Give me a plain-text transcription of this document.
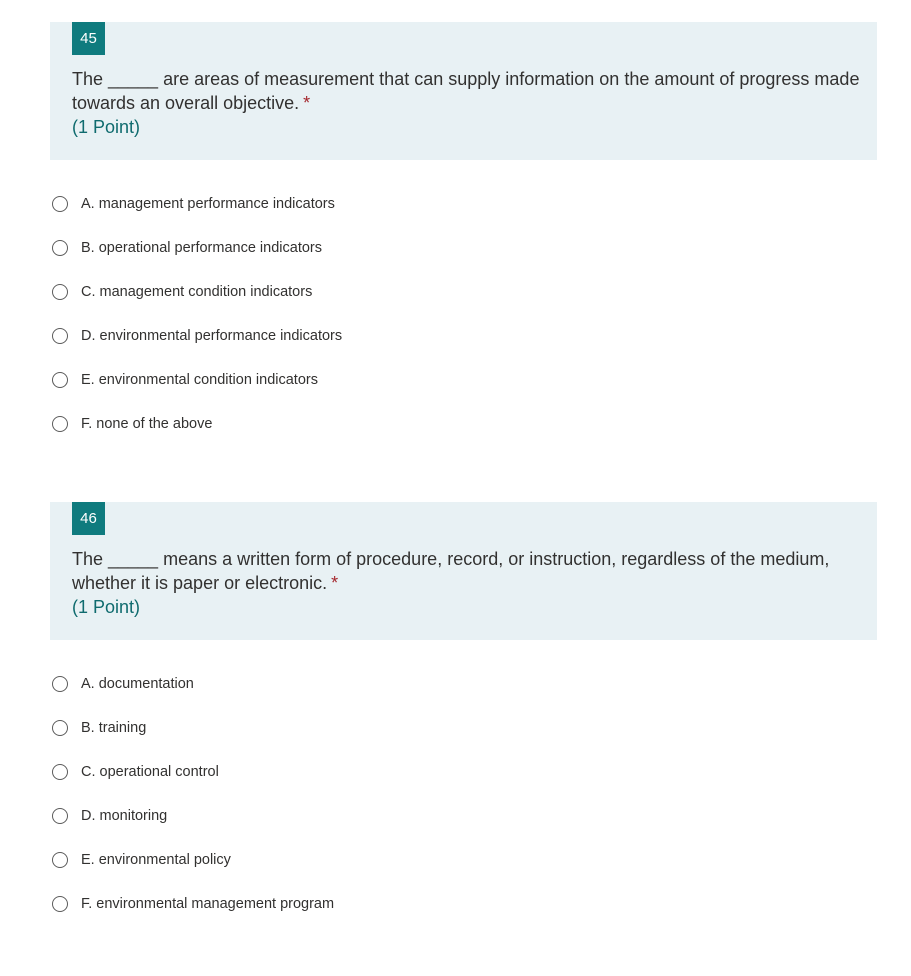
45
The _____ are areas of measurement that can supply information on the amount of progress made towards an overall objective. *
(1 Point)
A. management performance indicators
B. operational performance indicators
C. management condition indicators
D. environmental performance indicators
E. environmental condition indicators
F. none of the above
46
The _____ means a written form of procedure, record, or instruction, regardless of the medium, whether it is paper or electronic. *
(1 Point)
A. documentation
B. training
C. operational control
D. monitoring
E. environmental policy
F. environmental management program
